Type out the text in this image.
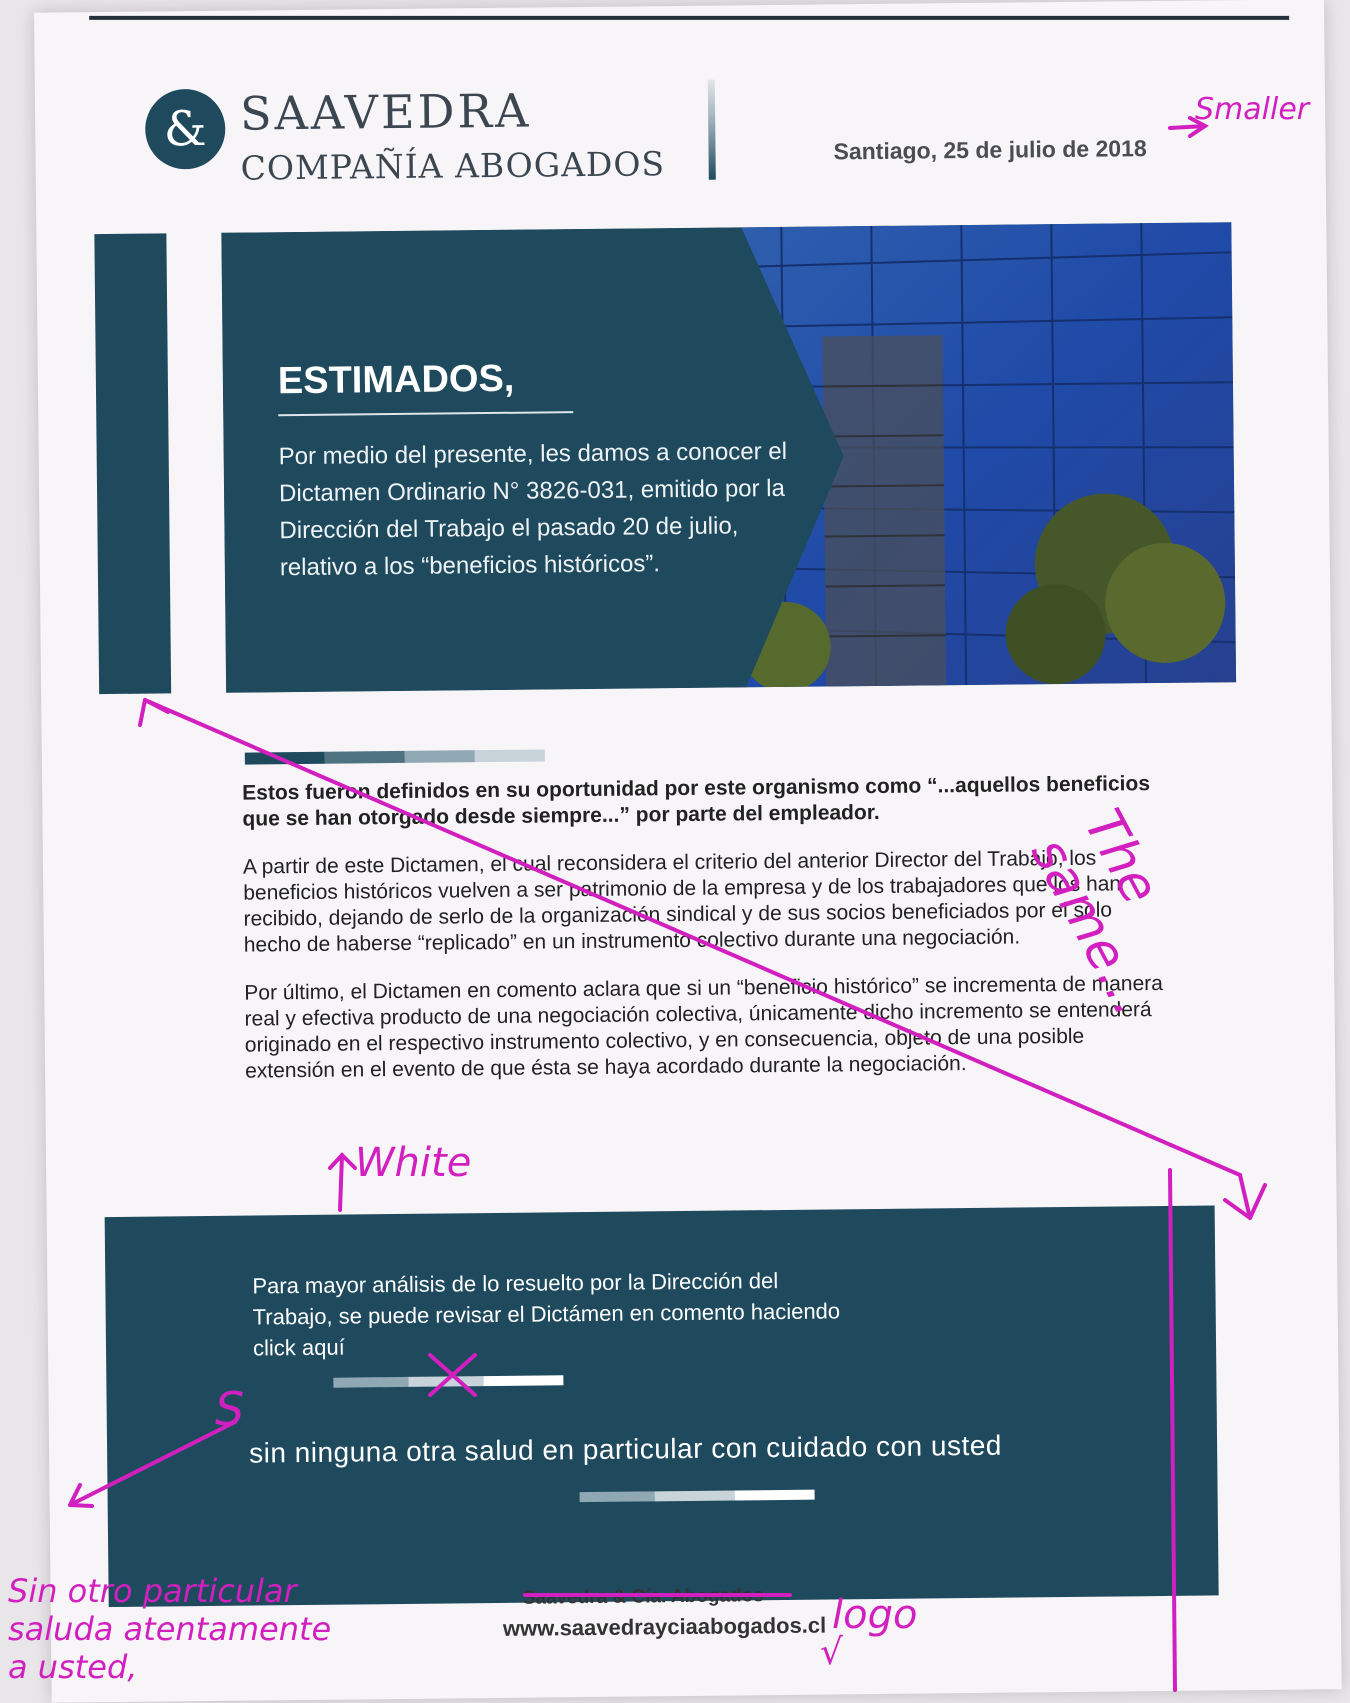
& SAAVEDRA
COMPAÑÍA ABOGADOS	Santiago, 25 de julio de 2018
ESTIMADOS,
Por medio del presente, les damos a conocer el Dictamen Ordinario N° 3826-031, emitido por la Dirección del Trabajo el pasado 20 de julio, relativo a los “beneficios históricos”.

Estos fueron definidos en su oportunidad por este organismo como “...aquellos beneficios que se han otorgado desde siempre...” por parte del empleador.

A partir de este Dictamen, el cual reconsidera el criterio del anterior Director del Trabajo, los beneficios históricos vuelven a ser patrimonio de la empresa y de los trabajadores que los han recibido, dejando de serlo de la organización sindical y de sus socios beneficiados por el solo hecho de haberse “replicado” en un instrumento colectivo durante una negociación.

Por último, el Dictamen en comento aclara que si un “beneficio histórico” se incrementa de manera real y efectiva producto de una negociación colectiva, únicamente dicho incremento se entenderá originado en el respectivo instrumento colectivo, y en consecuencia, objeto de una posible extensión en el evento de que ésta se haya acordado durante la negociación.

Para mayor análisis de lo resuelto por la Dirección del Trabajo, se puede revisar el Dictámen en comento haciendo click aquí
sin ninguna otra salud en particular con cuidado con usted
Saavedra & Cía. Abogados
www.saavedrayciaabogados.cl
Smaller
The same...
White
S
logo
√
Sin otro particular
saluda atentamente
a usted,
